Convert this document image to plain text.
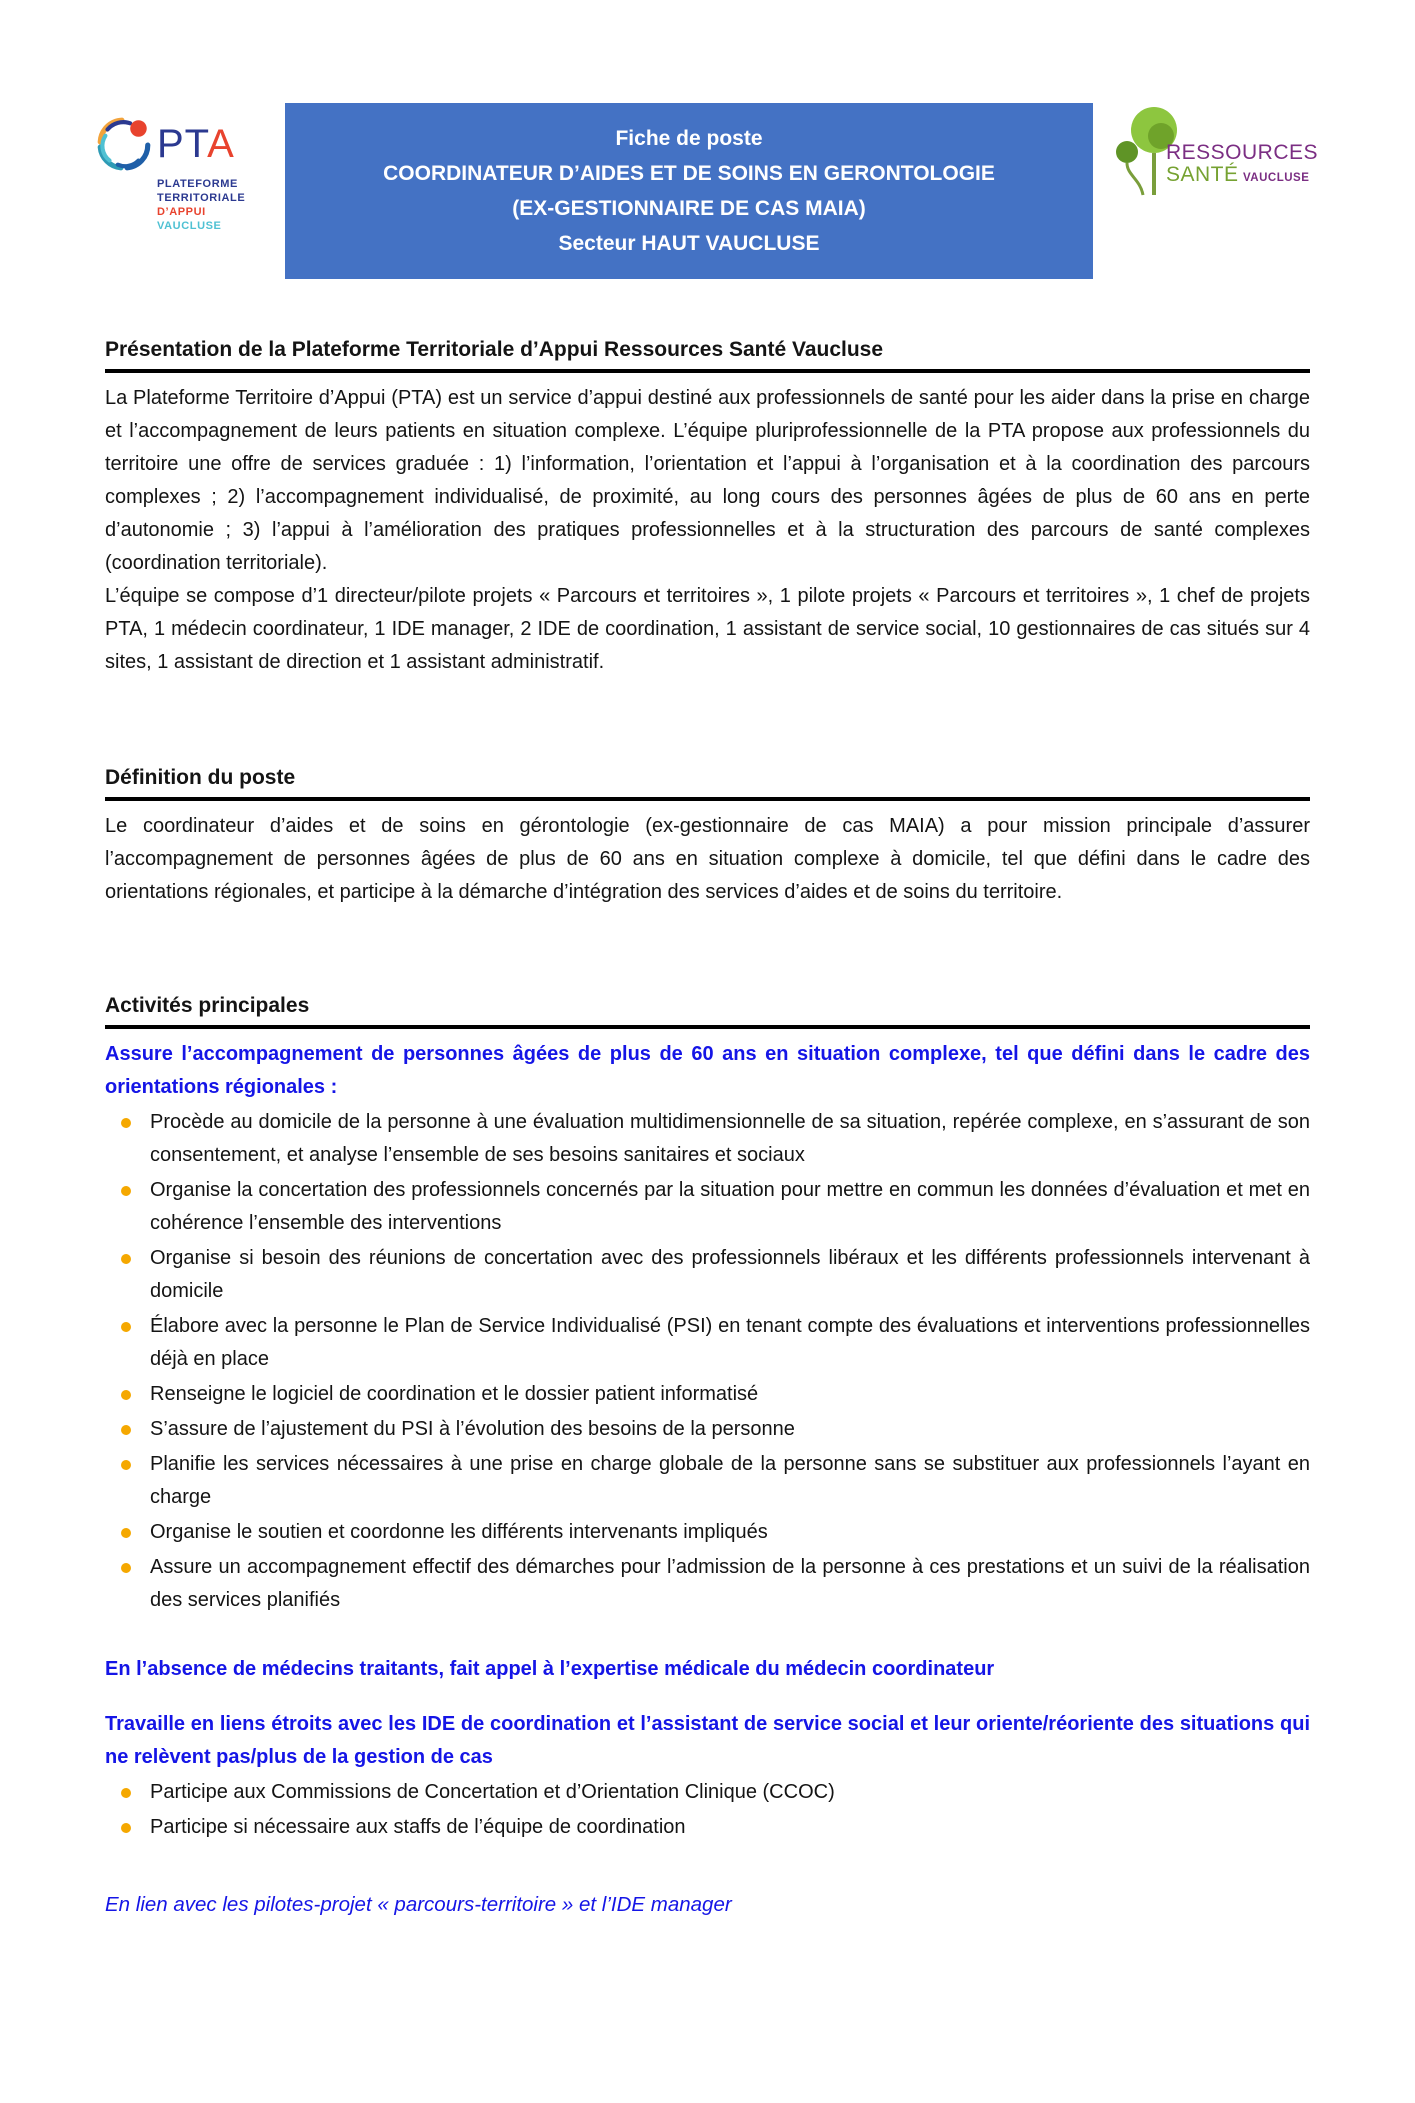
PTA
PLATEFORME
TERRITORIALE
D’APPUI
VAUCLUSE
Fiche de poste
COORDINATEUR D’AIDES ET DE SOINS EN GERONTOLOGIE
(EX-GESTIONNAIRE DE CAS MAIA)
Secteur HAUT VAUCLUSE
RESSOURCES
SANTÉ VAUCLUSE
Présentation de la Plateforme Territoriale d’Appui Ressources Santé Vaucluse

La Plateforme Territoire d’Appui (PTA) est un service d’appui destiné aux professionnels de santé pour les aider dans la prise en charge et l’accompagnement de leurs patients en situation complexe. L’équipe pluriprofessionnelle de la PTA propose aux professionnels du territoire une offre de services graduée : 1) l’information, l’orientation et l’appui à l’organisation et à la coordination des parcours complexes ; 2) l’accompagnement individualisé, de proximité, au long cours des personnes âgées de plus de 60 ans en perte d’autonomie ; 3) l’appui à l’amélioration des pratiques professionnelles et à la structuration des parcours de santé complexes (coordination territoriale).

L’équipe se compose d’1 directeur/pilote projets « Parcours et territoires », 1 pilote projets « Parcours et territoires », 1 chef de projets PTA, 1 médecin coordinateur, 1 IDE manager, 2 IDE de coordination, 1 assistant de service social, 10 gestionnaires de cas situés sur 4 sites, 1 assistant de direction et 1 assistant administratif.

Définition du poste

Le coordinateur d’aides et de soins en gérontologie (ex-gestionnaire de cas MAIA) a pour mission principale d’assurer l’accompagnement de personnes âgées de plus de 60 ans en situation complexe à domicile, tel que défini dans le cadre des orientations régionales, et participe à la démarche d’intégration des services d’aides et de soins du territoire.

Activités principales

Assure l’accompagnement de personnes âgées de plus de 60 ans en situation complexe, tel que défini dans le cadre des orientations régionales :

Procède au domicile de la personne à une évaluation multidimensionnelle de sa situation, repérée complexe, en s’assurant de son consentement, et analyse l’ensemble de ses besoins sanitaires et sociaux
Organise la concertation des professionnels concernés par la situation pour mettre en commun les données d’évaluation et met en cohérence l’ensemble des interventions
Organise si besoin des réunions de concertation avec des professionnels libéraux et les différents professionnels intervenant à domicile
Élabore avec la personne le Plan de Service Individualisé (PSI) en tenant compte des évaluations et interventions professionnelles déjà en place
Renseigne le logiciel de coordination et le dossier patient informatisé
S’assure de l’ajustement du PSI à l’évolution des besoins de la personne
Planifie les services nécessaires à une prise en charge globale de la personne sans se substituer aux professionnels l’ayant en charge
Organise le soutien et coordonne les différents intervenants impliqués
Assure un accompagnement effectif des démarches pour l’admission de la personne à ces prestations et un suivi de la réalisation des services planifiés

En l’absence de médecins traitants, fait appel à l’expertise médicale du médecin coordinateur

Travaille en liens étroits avec les IDE de coordination et l’assistant de service social et leur oriente/réoriente des situations qui ne relèvent pas/plus de la gestion de cas

Participe aux Commissions de Concertation et d’Orientation Clinique (CCOC)
Participe si nécessaire aux staffs de l’équipe de coordination

En lien avec les pilotes-projet « parcours-territoire » et l’IDE manager
